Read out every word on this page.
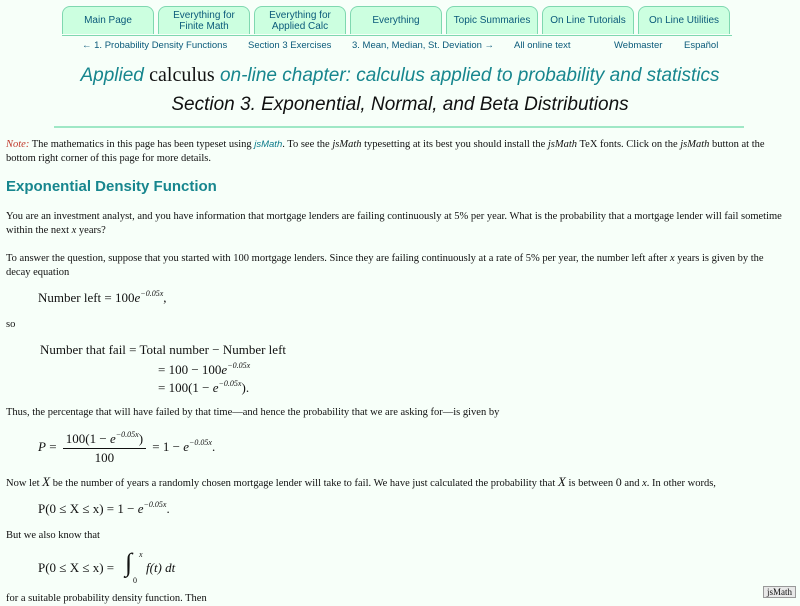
Main Page	Everything for Finite Math
Everything for Applied Calc	Everything	Topic Summaries	On Line Tutorials	On Line Utilities
← 1. Probability Density Functions Section 3 Exercises 3. Mean, Median, St. Deviation → All online text	Webmaster Español
Applied calculus on-line chapter: calculus applied to probability and statistics
Section 3. Exponential, Normal, and Beta Distributions
Note: The mathematics in this page has been typeset using jsMath. To see the jsMath typesetting at its best you should install the jsMath TeX fonts. Click on the jsMath button at the bottom right corner of this page for more details.
Exponential Density Function
You are an investment analyst, and you have information that mortgage lenders are failing continuously at 5% per year. What is the probability that a mortgage lender will fail sometime within the next x years?
To answer the question, suppose that you started with 100 mortgage lenders. Since they are failing continuously at a rate of 5% per year, the number left after x years is given by the decay equation
Number left = $100e^{-0.05x}$,
so
Number that fail = Total number − Number left
= $100 - 100e^{-0.05x}$
= $100(1 - e^{-0.05x})$.
Thus, the percentage that will have failed by that time—and hence the probability that we are asking for—is given by
$P = \frac{100(1 - e^{-0.05x})}{100} = 1 - e^{-0.05x}$.
Now let X be the number of years a randomly chosen mortgage lender will take to fail. We have just calculated the probability that X is between 0 and x. In other words,
$P(0 \le X \le x) = 1 - e^{-0.05x}$.
But we also know that
P(0 ≤ X ≤ x) = ∫ x
0
f(t) dt
for a suitable probability density function. Then
jsMath
